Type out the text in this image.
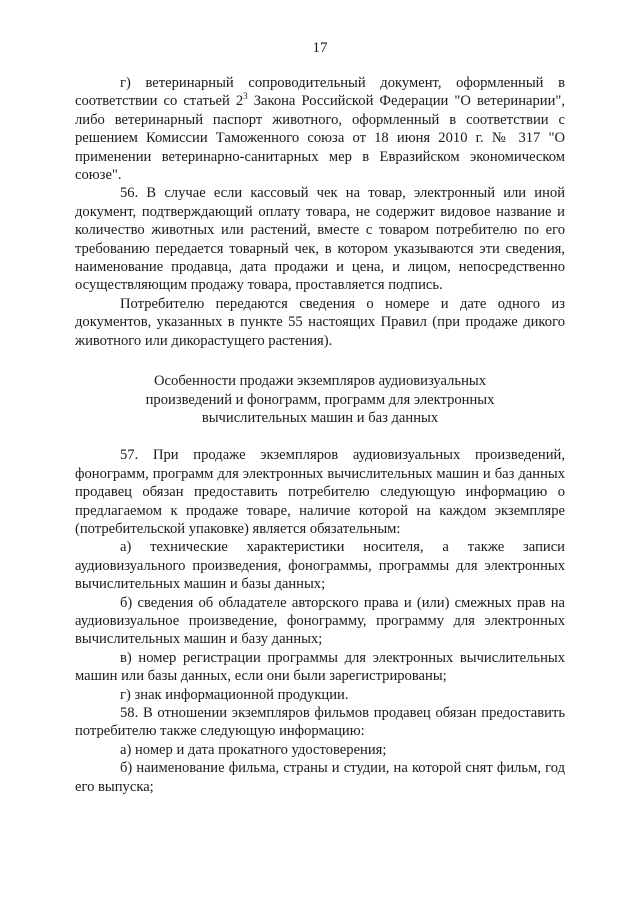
17

г) ветеринарный сопроводительный документ, оформленный в соответствии со статьей $2^3$ Закона Российской Федерации "О ветеринарии", либо ветеринарный паспорт животного, оформленный в соответствии с решением Комиссии Таможенного союза от 18 июня 2010 г. № 317 "О применении ветеринарно-санитарных мер в Евразийском экономическом союзе".

56. В случае если кассовый чек на товар, электронный или иной документ, подтверждающий оплату товара, не содержит видовое название и количество животных или растений, вместе с товаром потребителю по его требованию передается товарный чек, в котором указываются эти сведения, наименование продавца, дата продажи и цена, и лицом, непосредственно осуществляющим продажу товара, проставляется подпись.

Потребителю передаются сведения о номере и дате одного из документов, указанных в пункте 55 настоящих Правил (при продаже дикого животного или дикорастущего растения).

Особенности продажи экземпляров аудиовизуальных
произведений и фонограмм, программ для электронных
вычислительных машин и баз данных

57. При продаже экземпляров аудиовизуальных произведений, фонограмм, программ для электронных вычислительных машин и баз данных продавец обязан предоставить потребителю следующую информацию о предлагаемом к продаже товаре, наличие которой на каждом экземпляре (потребительской упаковке) является обязательным:

а) технические характеристики носителя, а также записи аудиовизуального произведения, фонограммы, программы для электронных вычислительных машин и базы данных;

б) сведения об обладателе авторского права и (или) смежных прав на аудиовизуальное произведение, фонограмму, программу для электронных вычислительных машин и базу данных;

в) номер регистрации программы для электронных вычислительных машин или базы данных, если они были зарегистрированы;

г) знак информационной продукции.

58. В отношении экземпляров фильмов продавец обязан предоставить потребителю также следующую информацию:

а) номер и дата прокатного удостоверения;

б) наименование фильма, страны и студии, на которой снят фильм, год его выпуска;
